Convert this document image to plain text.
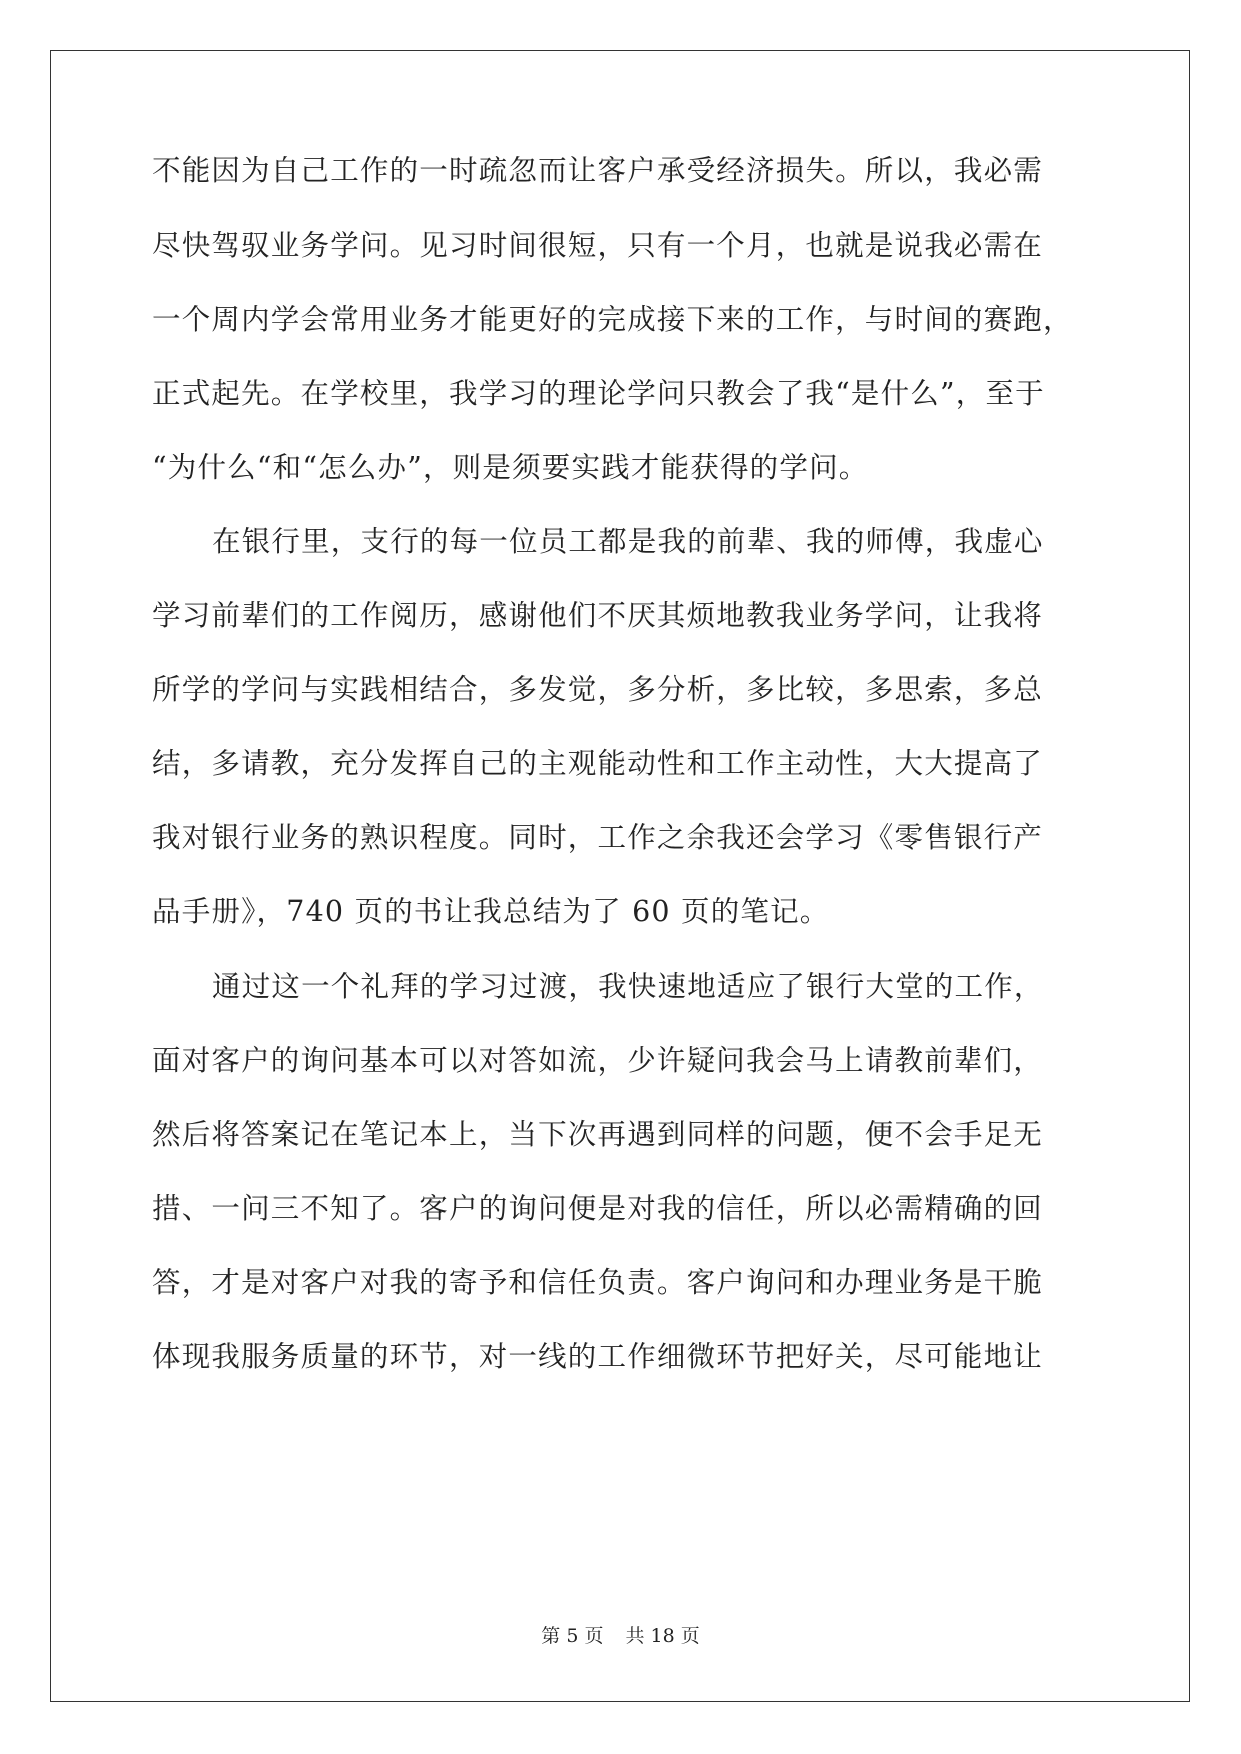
不能因为自己工作的一时疏忽而让客户承受经济损失。所以，我必需
尽快驾驭业务学问。见习时间很短，只有一个月，也就是说我必需在
一个周内学会常用业务才能更好的完成接下来的工作，与时间的赛跑，
正式起先。在学校里，我学习的理论学问只教会了我“是什么”，至于
“为什么“和“怎么办”，则是须要实践才能获得的学问。
在银行里，支行的每一位员工都是我的前辈、我的师傅，我虚心
学习前辈们的工作阅历，感谢他们不厌其烦地教我业务学问，让我将
所学的学问与实践相结合，多发觉，多分析，多比较，多思索，多总
结，多请教，充分发挥自己的主观能动性和工作主动性，大大提高了
我对银行业务的熟识程度。同时，工作之余我还会学习《零售银行产
品手册》，740 页的书让我总结为了 60 页的笔记。
通过这一个礼拜的学习过渡，我快速地适应了银行大堂的工作，
面对客户的询问基本可以对答如流，少许疑问我会马上请教前辈们，
然后将答案记在笔记本上，当下次再遇到同样的问题，便不会手足无
措、一问三不知了。客户的询问便是对我的信任，所以必需精确的回
答，才是对客户对我的寄予和信任负责。客户询问和办理业务是干脆
体现我服务质量的环节，对一线的工作细微环节把好关，尽可能地让
第 5 页 共 18 页
